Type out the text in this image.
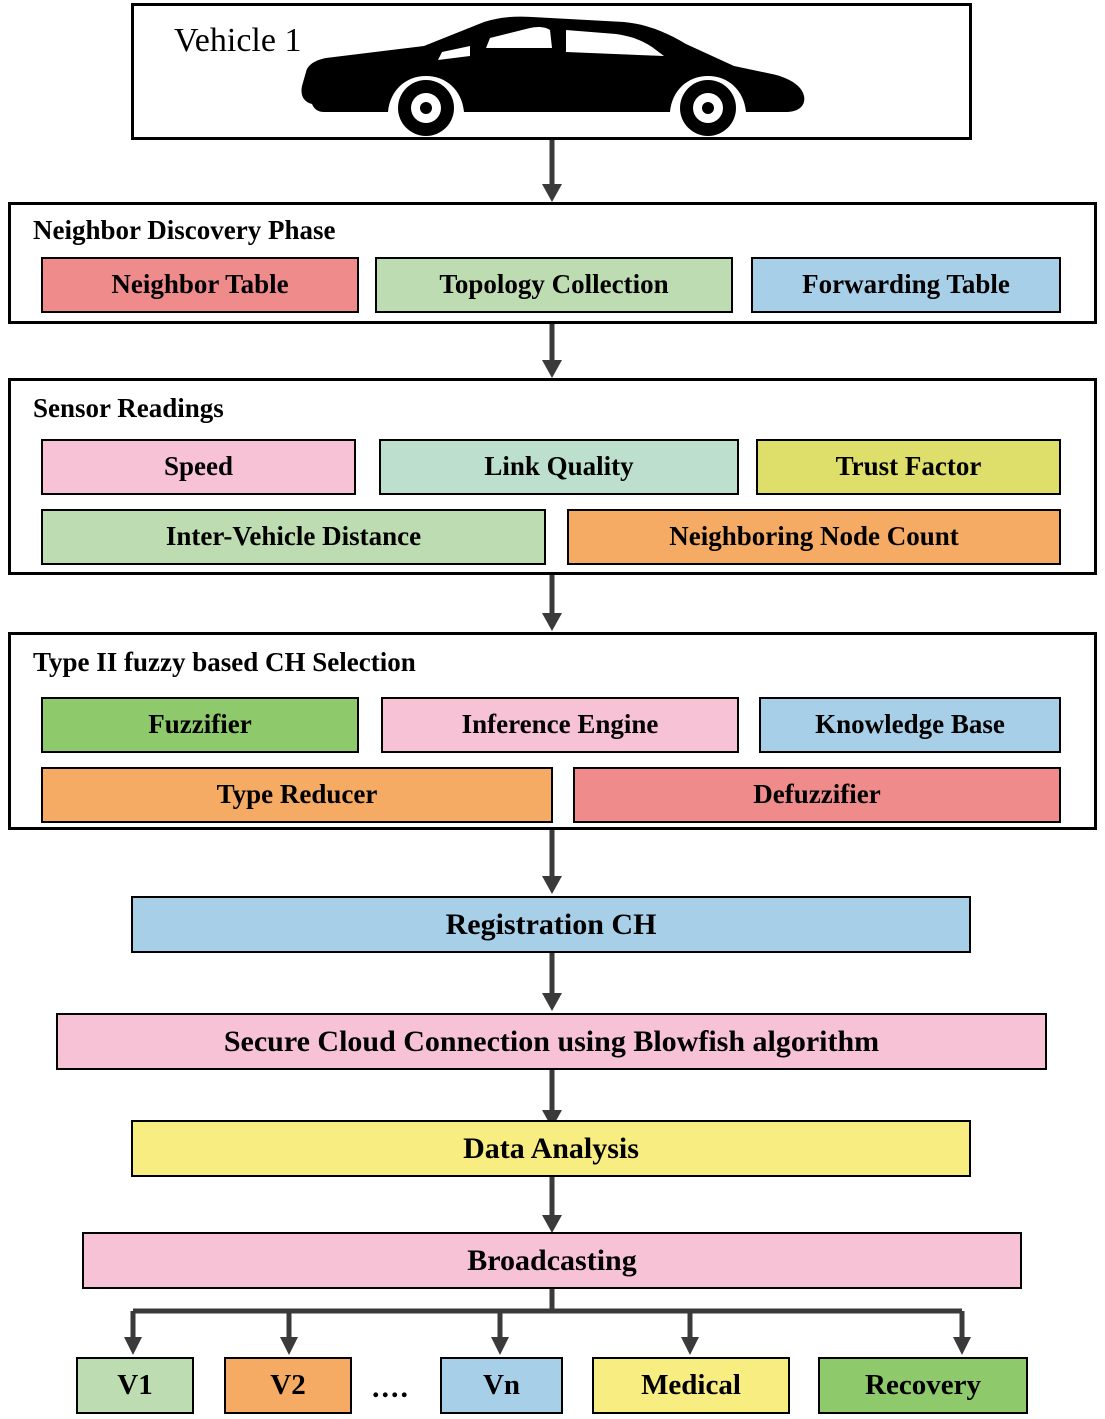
Vehicle 1
Neighbor Discovery Phase
Neighbor Table	Topology Collection	Forwarding Table
Sensor Readings
Speed	Link Quality	Trust Factor
Inter-Vehicle Distance	Neighboring Node Count
Type II fuzzy based CH Selection
Fuzzifier	Inference Engine	Knowledge Base
Type Reducer	Defuzzifier
Registration CH
Secure Cloud Connection using Blowfish algorithm
Data Analysis
Broadcasting
V1	V2 ....	Vn	Medical	Recovery
